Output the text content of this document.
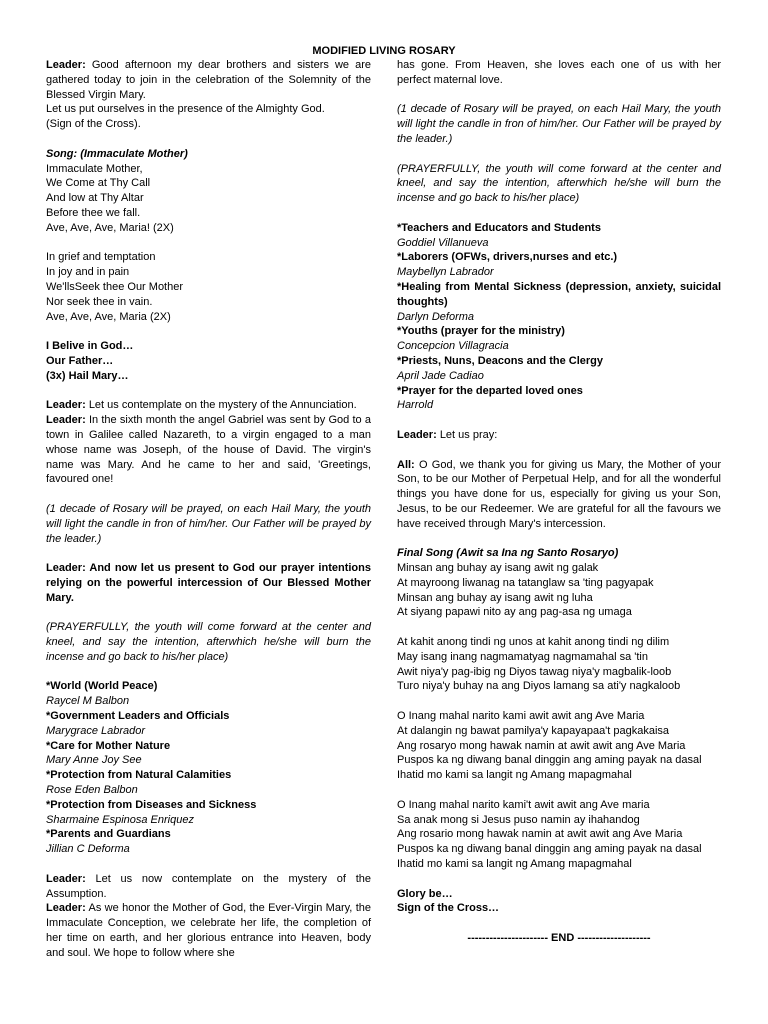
MODIFIED LIVING ROSARY

Leader: Good afternoon my dear brothers and sisters we are gathered today to join in the celebration of the Solemnity of the Blessed Virgin Mary.

Let us put ourselves in the presence of the Almighty God.

(Sign of the Cross).

Song: (Immaculate Mother)

Immaculate Mother,

We Come at Thy Call

And low at Thy Altar

Before thee we fall.

Ave, Ave, Ave, Maria! (2X)

In grief and temptation

In joy and in pain

We'llsSeek thee Our Mother

Nor seek thee in vain.

Ave, Ave, Ave, Maria (2X)

I Belive in God…

Our Father…

(3x) Hail Mary…

Leader: Let us contemplate on the mystery of the Annunciation.

Leader: In the sixth month the angel Gabriel was sent by God to a town in Galilee called Nazareth, to a virgin engaged to a man whose name was Joseph, of the house of David. The virgin's name was Mary. And he came to her and said, 'Greetings, favoured one!

(1 decade of Rosary will be prayed, on each Hail Mary, the youth will light the candle in fron of him/her. Our Father will be prayed by the leader.)

Leader: And now let us present to God our prayer intentions relying on the powerful intercession of Our Blessed Mother Mary.

(PRAYERFULLY, the youth will come forward at the center and kneel, and say the intention, afterwhich he/she will burn the incense and go back to his/her place)

*World (World Peace)

Raycel M Balbon

*Government Leaders and Officials

Marygrace Labrador

*Care for Mother Nature

Mary Anne Joy See

*Protection from Natural Calamities

Rose Eden Balbon

*Protection from Diseases and Sickness

Sharmaine Espinosa Enriquez

*Parents and Guardians

Jillian C Deforma

Leader: Let us now contemplate on the mystery of the Assumption.

Leader: As we honor the Mother of God, the Ever-Virgin Mary, the Immaculate Conception, we celebrate her life, the completion of her time on earth, and her glorious entrance into Heaven, body and soul. We hope to follow where she

has gone. From Heaven, she loves each one of us with her perfect maternal love.

(1 decade of Rosary will be prayed, on each Hail Mary, the youth will light the candle in fron of him/her. Our Father will be prayed by the leader.)

(PRAYERFULLY, the youth will come forward at the center and kneel, and say the intention, afterwhich he/she will burn the incense and go back to his/her place)

*Teachers and Educators and Students

Goddiel Villanueva

*Laborers (OFWs, drivers,nurses and etc.)

Maybellyn Labrador

*Healing from Mental Sickness (depression, anxiety, suicidal thoughts)

Darlyn Deforma

*Youths (prayer for the ministry)

Concepcion Villagracia

*Priests, Nuns, Deacons and the Clergy

April Jade Cadiao

*Prayer for the departed loved ones

Harrold

Leader: Let us pray:

All: O God, we thank you for giving us Mary, the Mother of your Son, to be our Mother of Perpetual Help, and for all the wonderful things you have done for us, especially for giving us your Son, Jesus, to be our Redeemer. We are grateful for all the favours we have received through Mary's intercession.

Final Song (Awit sa Ina ng Santo Rosaryo)

Minsan ang buhay ay isang awit ng galak

At mayroong liwanag na tatanglaw sa 'ting pagyapak

Minsan ang buhay ay isang awit ng luha

At siyang papawi nito ay ang pag-asa ng umaga

At kahit anong tindi ng unos at kahit anong tindi ng dilim

May isang inang nagmamatyag nagmamahal sa 'tin

Awit niya'y pag-ibig ng Diyos tawag niya'y magbalik-loob

Turo niya'y buhay na ang Diyos lamang sa ati'y nagkaloob

O Inang mahal narito kami awit awit ang Ave Maria

At dalangin ng bawat pamilya'y kapayapaa't pagkakaisa

Ang rosaryo mong hawak namin at awit awit ang Ave Maria

Puspos ka ng diwang banal dinggin ang aming payak na dasal

Ihatid mo kami sa langit ng Amang mapagmahal

O Inang mahal narito kami't awit awit ang Ave maria

Sa anak mong si Jesus puso namin ay ihahandog

Ang rosario mong hawak namin at awit awit ang Ave Maria

Puspos ka ng diwang banal dinggin ang aming payak na dasal

Ihatid mo kami sa langit ng Amang mapagmahal

Glory be…

Sign of the Cross…

---------------------- END --------------------
